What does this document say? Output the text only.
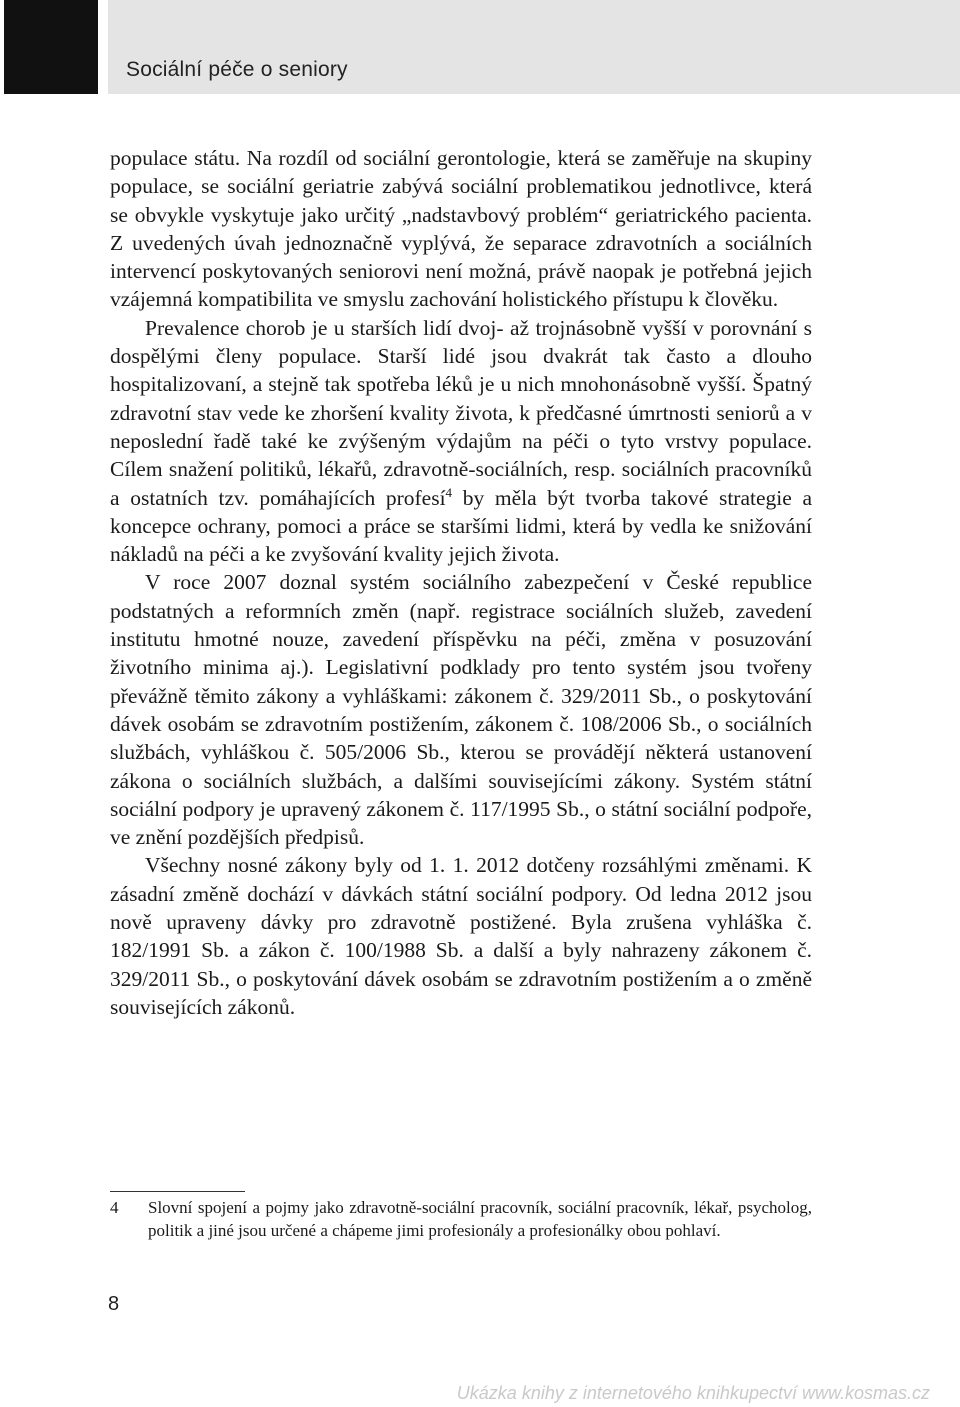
Sociální péče o seniory

populace státu. Na rozdíl od sociální gerontologie, která se zaměřuje na skupiny populace, se sociální geriatrie zabývá sociální problematikou jednotlivce, která se obvykle vyskytuje jako určitý „nadstavbový problém“ geriatrického pacienta. Z uvedených úvah jednoznačně vyplývá, že separace zdravotních a sociálních intervencí poskytovaných seniorovi není možná, právě naopak je potřebná jejich vzájemná kompatibilita ve smyslu zachování holistického přístupu k člověku.

Prevalence chorob je u starších lidí dvoj- až trojnásobně vyšší v porovnání s dospělými členy populace. Starší lidé jsou dvakrát tak často a dlouho hospitalizovaní, a stejně tak spotřeba léků je u nich mnohonásobně vyšší. Špatný zdravotní stav vede ke zhoršení kvality života, k předčasné úmrtnosti seniorů a v neposlední řadě také ke zvýšeným výdajům na péči o tyto vrstvy populace. Cílem snažení politiků, lékařů, zdravotně-sociálních, resp. sociálních pracovníků a ostatních tzv. pomáhajících profesí$^4$ by měla být tvorba takové strategie a koncepce ochrany, pomoci a práce se staršími lidmi, která by vedla ke snižování nákladů na péči a ke zvyšování kvality jejich života.

V roce 2007 doznal systém sociálního zabezpečení v České republice podstatných a reformních změn (např. registrace sociálních služeb, zavedení institutu hmotné nouze, zavedení příspěvku na péči, změna v posuzování životního minima aj.). Legislativní podklady pro tento systém jsou tvořeny převážně těmito zákony a vyhláškami: zákonem č. 329/2011 Sb., o poskytování dávek osobám se zdravotním postižením, zákonem č. 108/2006 Sb., o sociálních službách, vyhláškou č. 505/2006 Sb., kterou se provádějí některá ustanovení zákona o sociálních službách, a dalšími souvisejícími zákony. Systém státní sociální podpory je upravený zákonem č. 117/1995 Sb., o státní sociální podpoře, ve znění pozdějších předpisů.

Všechny nosné zákony byly od 1. 1. 2012 dotčeny rozsáhlými změnami. K zásadní změně dochází v dávkách státní sociální podpory. Od ledna 2012 jsou nově upraveny dávky pro zdravotně postižené. Byla zrušena vyhláška č. 182/1991 Sb. a zákon č. 100/1988 Sb. a další a byly nahrazeny zákonem č. 329/2011 Sb., o poskytování dávek osobám se zdravotním postižením a o změně souvisejících zákonů.

4 Slovní spojení a pojmy jako zdravotně-sociální pracovník, sociální pracovník, lékař, psycholog, politik a jiné jsou určené a chápeme jimi profesionály a profesionálky obou pohlaví.
8
Ukázka knihy z internetového knihkupectví www.kosmas.cz
